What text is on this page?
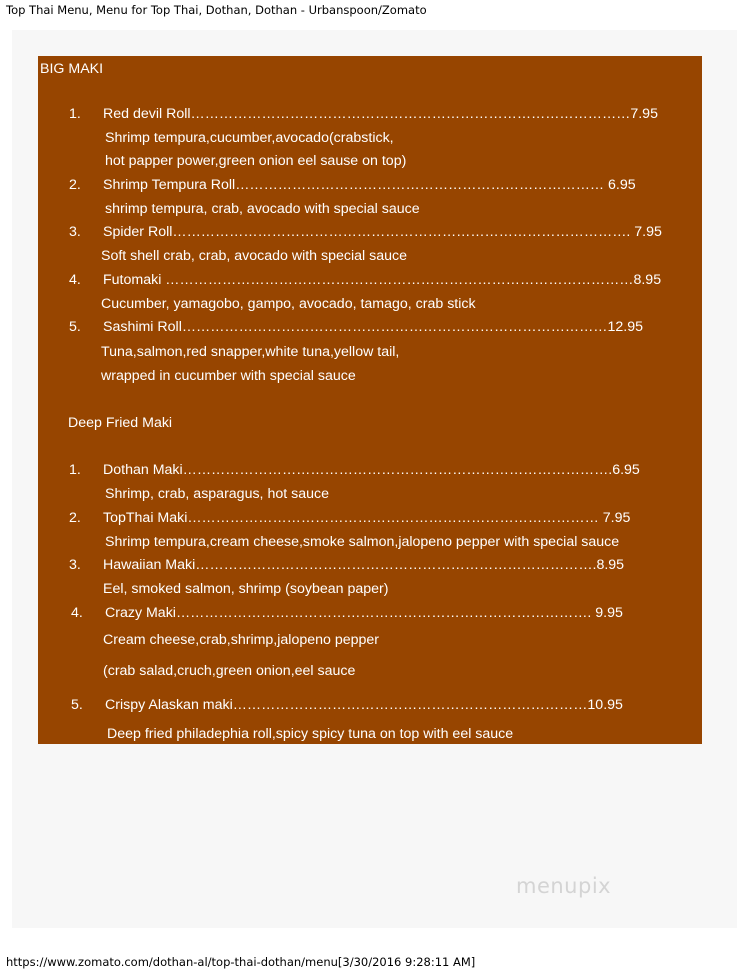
Top Thai Menu, Menu for Top Thai, Dothan, Dothan - Urbanspoon/Zomato
BIG MAKI
1. Red devil Roll…………………………………………………………………………………7.95
Shrimp tempura,cucumber,avocado(crabstick,
hot papper power,green onion eel sause on top)
2. Shrimp Tempura Roll…………………………………………………………………… 6.95
shrimp tempura, crab, avocado with special sauce
3. Spider Roll……………………………………………………………………………………. 7.95
Soft shell crab, crab, avocado with special sauce
4. Futomaki ………………………………………………………………………………………8.95
Cucumber, yamagobo, gampo, avocado, tamago, crab stick
5. Sashimi Roll………………………………………………………………………………12.95
Tuna,salmon,red snapper,white tuna,yellow tail,
wrapped in cucumber with special sauce
Deep Fried Maki
1. Dothan Maki……………………………………………………………………………….6.95
Shrimp, crab, asparagus, hot sauce
2. TopThai Maki…………………………………………………………………………… 7.95
Shrimp tempura,cream cheese,smoke salmon,jalopeno pepper with special sauce
3. Hawaiian Maki………………………………………………………………………….8.95
Eel, smoked salmon, shrimp (soybean paper)
4. Crazy Maki……………………………………………………………………………. 9.95
Cream cheese,crab,shrimp,jalopeno pepper
(crab salad,cruch,green onion,eel sauce
5. Crispy Alaskan maki…………………………………………………………………10.95
Deep fried philadephia roll,spicy spicy tuna on top with eel sauce
menupix
https://www.zomato.com/dothan-al/top-thai-dothan/menu[3/30/2016 9:28:11 AM]
